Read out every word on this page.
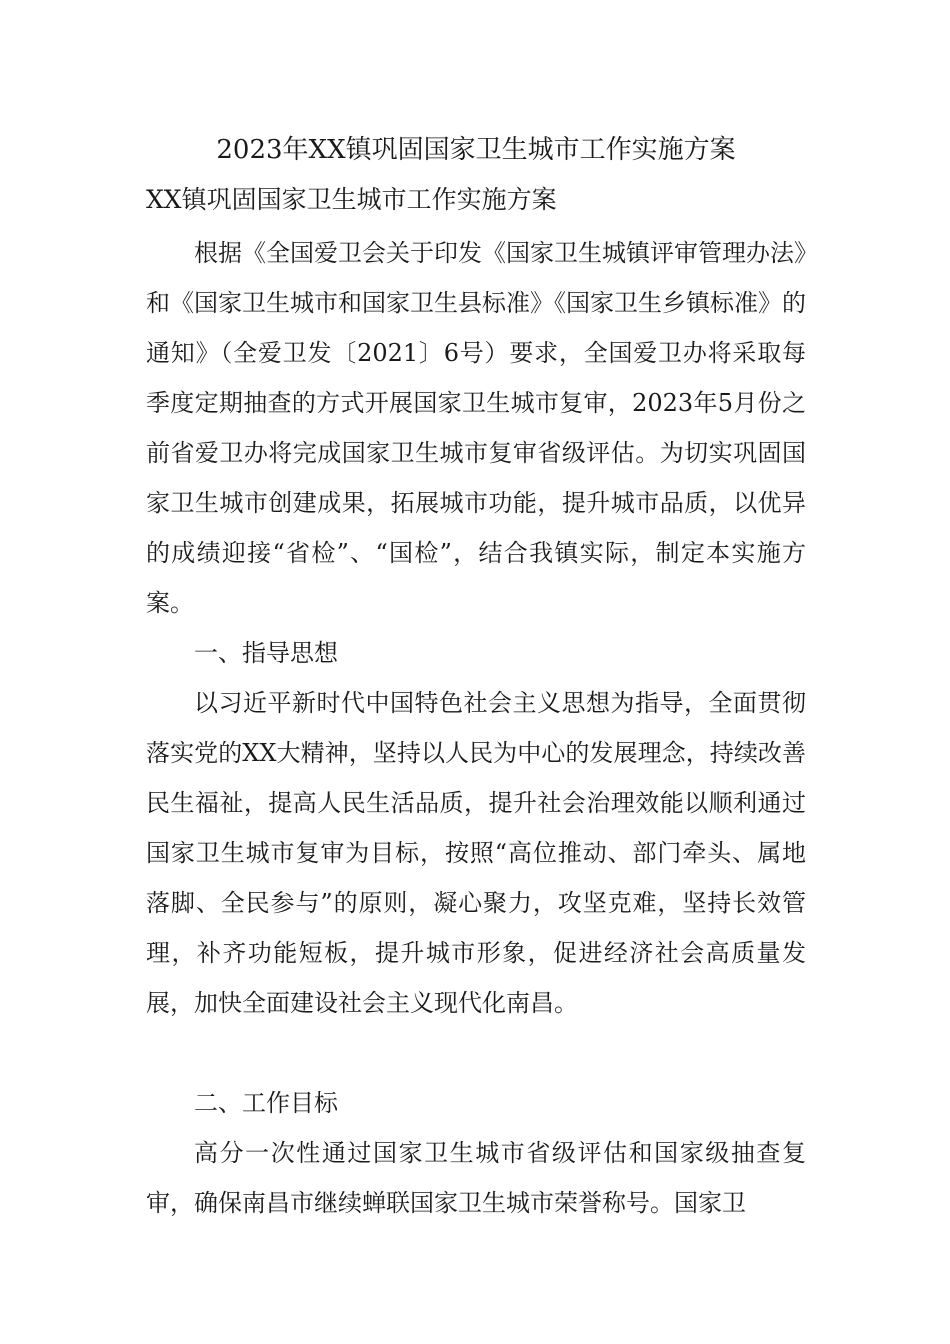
2023年XX镇巩固国家卫生城市工作实施方案
XX镇巩固国家卫生城市工作实施方案

根据《全国爱卫会关于印发《国家卫生城镇评审管理办法》和《国家卫生城市和国家卫生县标准》《国家卫生乡镇标准》的通知》（全爱卫发〔2021〕6号）要求，全国爱卫办将采取每季度定期抽查的方式开展国家卫生城市复审，2023年5月份之前省爱卫办将完成国家卫生城市复审省级评估。为切实巩固国家卫生城市创建成果，拓展城市功能，提升城市品质，以优异的成绩迎接“省检”、“国检”，结合我镇实际，制定本实施方案。

一、指导思想

以习近平新时代中国特色社会主义思想为指导，全面贯彻落实党的XX大精神，坚持以人民为中心的发展理念，持续改善民生福祉，提高人民生活品质，提升社会治理效能以顺利通过国家卫生城市复审为目标，按照“高位推动、部门牵头、属地落脚、全民参与”的原则，凝心聚力，攻坚克难，坚持长效管理，补齐功能短板，提升城市形象，促进经济社会高质量发展，加快全面建设社会主义现代化南昌。

二、工作目标

高分一次性通过国家卫生城市省级评估和国家级抽查复审，确保南昌市继续蝉联国家卫生城市荣誉称号。国家卫
